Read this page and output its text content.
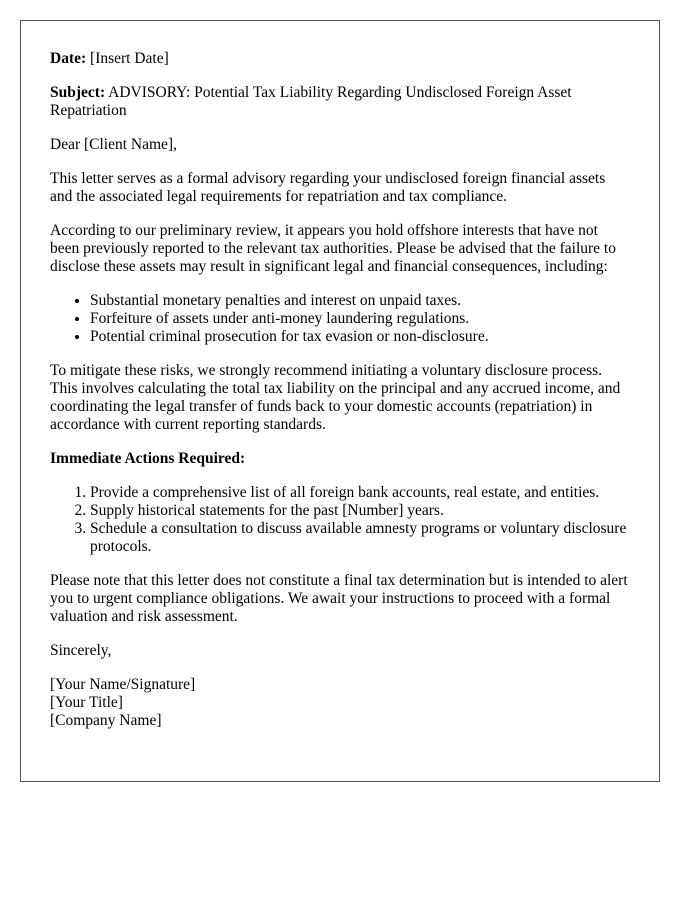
Date: [Insert Date]

Subject: ADVISORY: Potential Tax Liability Regarding Undisclosed Foreign Asset Repatriation

Dear [Client Name],

This letter serves as a formal advisory regarding your undisclosed foreign financial assets and the associated legal requirements for repatriation and tax compliance.

According to our preliminary review, it appears you hold offshore interests that have not been previously reported to the relevant tax authorities. Please be advised that the failure to disclose these assets may result in significant legal and financial consequences, including:

• Substantial monetary penalties and interest on unpaid taxes.
• Forfeiture of assets under anti-money laundering regulations.
• Potential criminal prosecution for tax evasion or non-disclosure.

To mitigate these risks, we strongly recommend initiating a voluntary disclosure process. This involves calculating the total tax liability on the principal and any accrued income, and coordinating the legal transfer of funds back to your domestic accounts (repatriation) in accordance with current reporting standards.

Immediate Actions Required:

1. Provide a comprehensive list of all foreign bank accounts, real estate, and entities.
2. Supply historical statements for the past [Number] years.
3. Schedule a consultation to discuss available amnesty programs or voluntary disclosure protocols.

Please note that this letter does not constitute a final tax determination but is intended to alert you to urgent compliance obligations. We await your instructions to proceed with a formal valuation and risk assessment.

Sincerely,

[Your Name/Signature]

[Your Title]

[Company Name]
